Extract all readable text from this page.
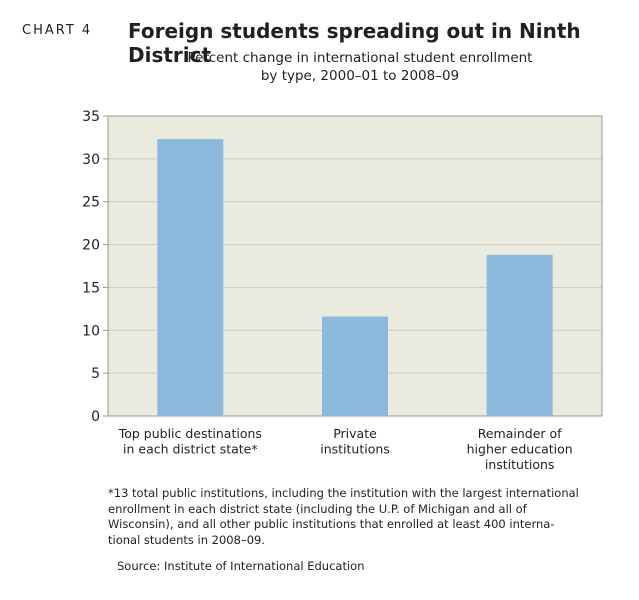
CHART 4 Foreign students spreading out in Ninth District
Percent change in international student enrollment
by type, 2000–01 to 2008–09
0
5
10
15
20
25
30
35
Top public destinations in each district state*
Private institutions
Remainder of higher education institutions
*13 total public institutions, including the institution with the largest international
enrollment in each district state (including the U.P. of Michigan and all of
Wisconsin), and all other public institutions that enrolled at least 400 interna-
tional students in 2008–09.
Source: Institute of International Education
